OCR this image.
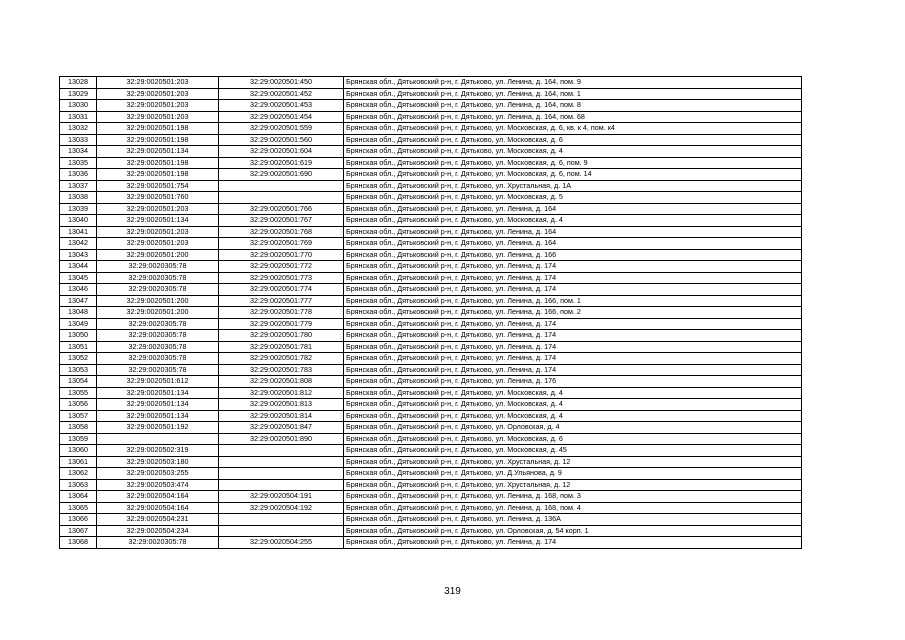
13028	32:29:0020501:203	32:29:0020501:450	Брянская обл., Дятьковский р-н, г. Дятьково, ул. Ленина, д. 164, пом. 9
13029	32:29:0020501:203	32:29:0020501:452	Брянская обл., Дятьковский р-н, г. Дятьково, ул. Ленина, д. 164, пом. 1
13030	32:29:0020501:203	32:29:0020501:453	Брянская обл., Дятьковский р-н, г. Дятьково, ул. Ленина, д. 164, пом. 8
13031	32:29:0020501:203	32:29:0020501:454	Брянская обл., Дятьковский р-н, г. Дятьково, ул. Ленина, д. 164, пом. 68
13032	32:29:0020501:198	32:29:0020501:559	Брянская обл., Дятьковский р-н, г. Дятьково, ул. Московская, д. 6, кв. к 4, пом. к4
13033	32:29:0020501:198	32:29:0020501:560	Брянская обл., Дятьковский р-н, г. Дятьково, ул. Московская, д. 6
13034	32:29:0020501:134	32:29:0020501:604	Брянская обл., Дятьковский р-н, г. Дятьково, ул. Московская, д. 4
13035	32:29:0020501:198	32:29:0020501:619	Брянская обл., Дятьковский р-н, г. Дятьково, ул. Московская, д. 6, пом. 9
13036	32:29:0020501:198	32:29:0020501:690	Брянская обл., Дятьковский р-н, г. Дятьково, ул. Московская, д. 6, пом. 14
13037	32:29:0020501:754		Брянская обл., Дятьковский р-н, г. Дятьково, ул. Хрустальная, д. 1А
13038	32:29:0020501:760		Брянская обл., Дятьковский р-н, г. Дятьково, ул. Московская, д. 5
13039	32:29:0020501:203	32:29:0020501:766	Брянская обл., Дятьковский р-н, г. Дятьково, ул. Ленина, д. 164
13040	32:29:0020501:134	32:29:0020501:767	Брянская обл., Дятьковский р-н, г. Дятьково, ул. Московская, д. 4
13041	32:29:0020501:203	32:29:0020501:768	Брянская обл., Дятьковский р-н, г. Дятьково, ул. Ленина, д. 164
13042	32:29:0020501:203	32:29:0020501:769	Брянская обл., Дятьковский р-н, г. Дятьково, ул. Ленина, д. 164
13043	32:29:0020501:200	32:29:0020501:770	Брянская обл., Дятьковский р-н, г. Дятьково, ул. Ленина, д. 166
13044	32:29:0020305:78	32:29:0020501:772	Брянская обл., Дятьковский р-н, г. Дятьково, ул. Ленина, д. 174
13045	32:29:0020305:78	32:29:0020501:773	Брянская обл., Дятьковский р-н, г. Дятьково, ул. Ленина, д. 174
13046	32:29:0020305:78	32:29:0020501:774	Брянская обл., Дятьковский р-н, г. Дятьково, ул. Ленина, д. 174
13047	32:29:0020501:200	32:29:0020501:777	Брянская обл., Дятьковский р-н, г. Дятьково, ул. Ленина, д. 166, пом. 1
13048	32:29:0020501:200	32:29:0020501:778	Брянская обл., Дятьковский р-н, г. Дятьково, ул. Ленина, д. 166, пом. 2
13049	32:29:0020305:78	32:29:0020501:779	Брянская обл., Дятьковский р-н, г. Дятьково, ул. Ленина, д. 174
13050	32:29:0020305:78	32:29:0020501:780	Брянская обл., Дятьковский р-н, г. Дятьково, ул. Ленина, д. 174
13051	32:29:0020305:78	32:29:0020501:781	Брянская обл., Дятьковский р-н, г. Дятьково, ул. Ленина, д. 174
13052	32:29:0020305:78	32:29:0020501:782	Брянская обл., Дятьковский р-н, г. Дятьково, ул. Ленина, д. 174
13053	32:29:0020305:78	32:29:0020501:783	Брянская обл., Дятьковский р-н, г. Дятьково, ул. Ленина, д. 174
13054	32:29:0020501:612	32:29:0020501:808	Брянская обл., Дятьковский р-н, г. Дятьково, ул. Ленина, д. 176
13055	32:29:0020501:134	32:29:0020501:812	Брянская обл., Дятьковский р-н, г. Дятьково, ул. Московская, д. 4
13056	32:29:0020501:134	32:29:0020501:813	Брянская обл., Дятьковский р-н, г. Дятьково, ул. Московская, д. 4
13057	32:29:0020501:134	32:29:0020501:814	Брянская обл., Дятьковский р-н, г. Дятьково, ул. Московская, д. 4
13058	32:29:0020501:192	32:29:0020501:847	Брянская обл., Дятьковский р-н, г. Дятьково, ул. Орловская, д. 4
13059		32:29:0020501:890	Брянская обл., Дятьковский р-н, г. Дятьково, ул. Московская, д. 6
13060	32:29:0020502:319		Брянская обл., Дятьковский р-н, г. Дятьково, ул. Московская, д. 45
13061	32:29:0020503:180		Брянская обл., Дятьковский р-н, г. Дятьково, ул. Хрустальная, д. 12
13062	32:29:0020503:255		Брянская обл., Дятьковский р-н, г. Дятьково, ул. Д.Ульянова, д. 9
13063	32:29:0020503:474		Брянская обл., Дятьковский р-н, г. Дятьково, ул. Хрустальная, д. 12
13064	32:29:0020504:164	32:29:0020504:191	Брянская обл., Дятьковский р-н, г. Дятьково, ул. Ленина, д. 168, пом. 3
13065	32:29:0020504:164	32:29:0020504:192	Брянская обл., Дятьковский р-н, г. Дятьково, ул. Ленина, д. 168, пом. 4
13066	32:29:0020504:231		Брянская обл., Дятьковский р-н, г. Дятьково, ул. Ленина, д. 136А
13067	32:29:0020504:234		Брянская обл., Дятьковский р-н, г. Дятьково, ул. Орловская, д. 54 корп. 1
13068	32:29:0020305:78	32:29:0020504:255	Брянская обл., Дятьковский р-н, г. Дятьково, ул. Ленина, д. 174
319
